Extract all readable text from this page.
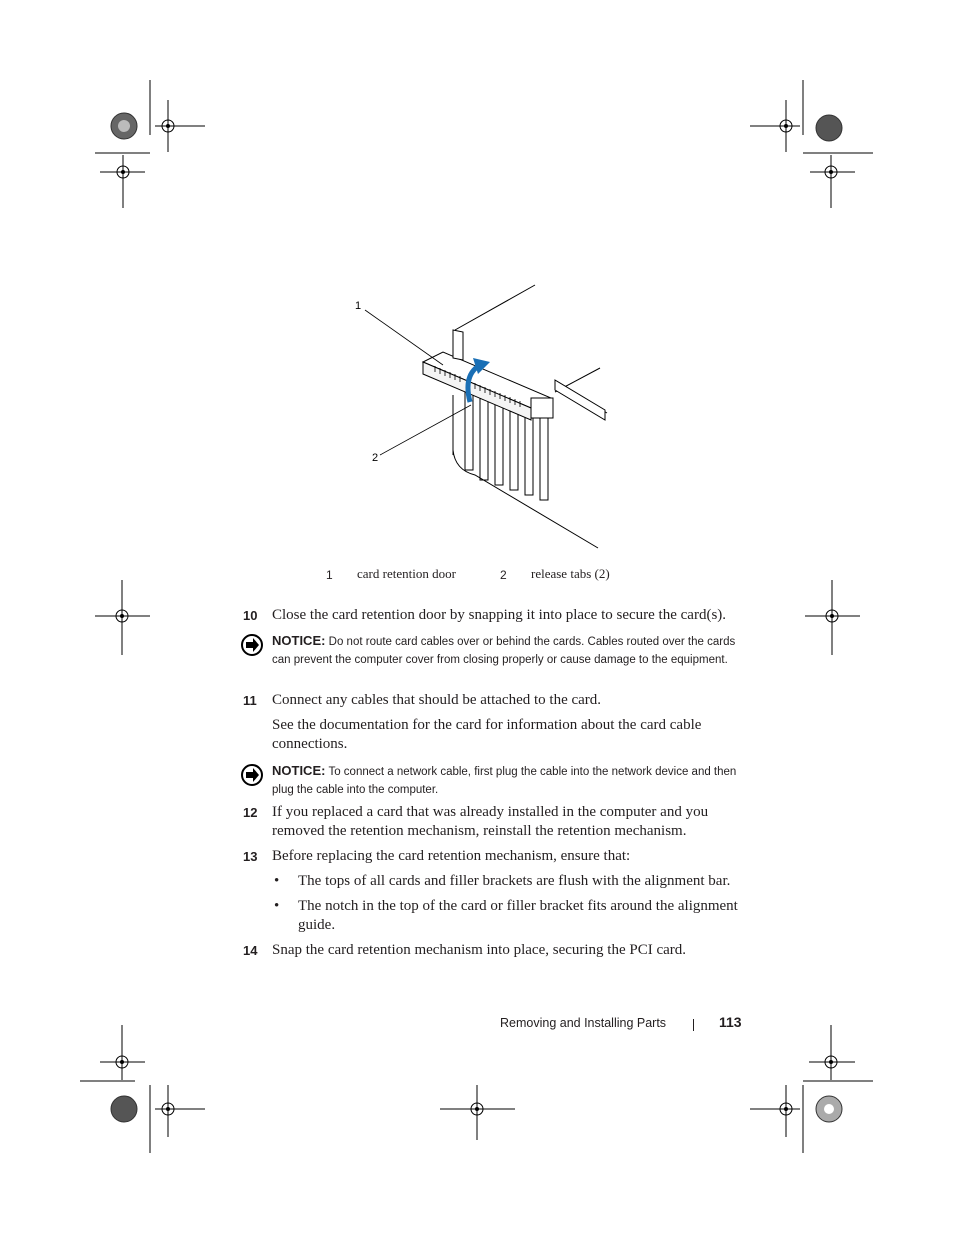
1
2
1 card retention door	2 release tabs (2)
10 Close the card retention door by snapping it into place to secure the card(s).
NOTICE: Do not route card cables over or behind the cards. Cables routed over the cards can prevent the computer cover from closing properly or cause damage to the equipment.
11 Connect any cables that should be attached to the card.
See the documentation for the card for information about the card cable connections.
NOTICE: To connect a network cable, first plug the cable into the network device and then plug the cable into the computer.
12 If you replaced a card that was already installed in the computer and you removed the retention mechanism, reinstall the retention mechanism.
13 Before replacing the card retention mechanism, ensure that:
• The tops of all cards and filler brackets are flush with the alignment bar.
• The notch in the top of the card or filler bracket fits around the alignment guide.
14 Snap the card retention mechanism into place, securing the PCI card.
Removing and Installing Parts	113
